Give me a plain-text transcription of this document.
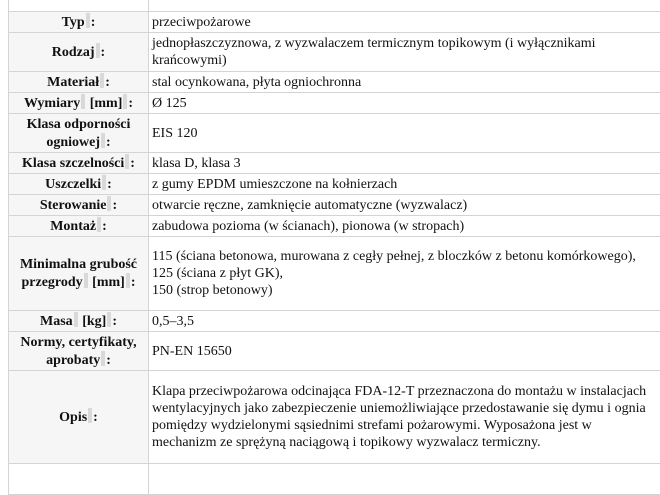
Typ :	przeciwpożarowe
Rodzaj :	jednopłaszczyznowa, z wyzwalaczem termicznym topikowym (i wyłącznikami krańcowymi)
Materiał :	stal ocynkowana, płyta ogniochronna
Wymiary [mm] :	Ø 125
Klasa odporności ogniowej :	EIS 120
Klasa szczelności :	klasa D, klasa 3
Uszczelki :	z gumy EPDM umieszczone na kołnierzach
Sterowanie :	otwarcie ręczne, zamknięcie automatyczne (wyzwalacz)
Montaż :	zabudowa pozioma (w ścianach), pionowa (w stropach)
Minimalna grubość przegrody [mm] :	115 (ściana betonowa, murowana z cegły pełnej, z bloczków z betonu komórkowego),
125 (ściana z płyt GK),
150 (strop betonowy)

Masa [kg] :	0,5–3,5
Normy, certyfikaty, aprobaty :	PN-EN 15650
Opis :	Klapa przeciwpożarowa odcinająca FDA-12-T przeznaczona do montażu w instalacjach wentylacyjnych jako zabezpieczenie uniemożliwiające przedostawanie się dymu i ognia pomiędzy wydzielonymi sąsiednimi strefami pożarowymi. Wyposażona jest w mechanizm ze sprężyną naciągową i topikowy wyzwalacz termiczny.
